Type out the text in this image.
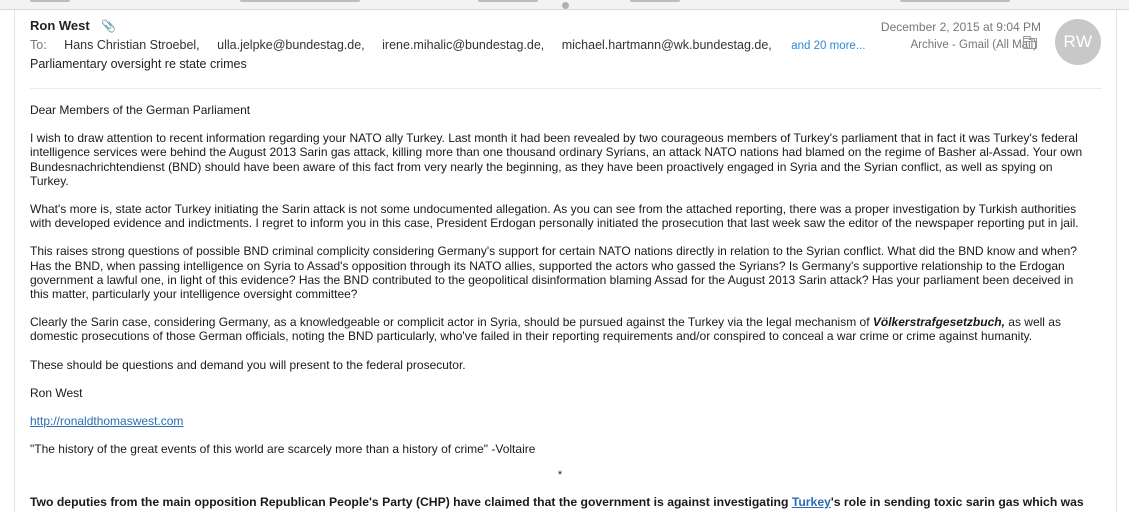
Ron West 📎
To: Hans Christian Stroebel, ulla.jelpke@bundestag.de, irene.mihalic@bundestag.de, michael.hartmann@wk.bundestag.de, and 20 more...
Parliamentary oversight re state crimes
December 2, 2015 at 9:04 PM
Archive - Gmail (All Mail)	RW

Dear Members of the German Parliament

I wish to draw attention to recent information regarding your NATO ally Turkey. Last month it had been revealed by two courageous members of Turkey's parliament that in fact it was Turkey's federal intelligence services were behind the August 2013 Sarin gas attack, killing more than one thousand ordinary Syrians, an attack NATO nations had blamed on the regime of Basher al-Assad. Your own Bundesnachrichtendienst (BND) should have been aware of this fact from very nearly the beginning, as they have been proactively engaged in Syria and the Syrian conflict, as well as spying on Turkey.

What's more is, state actor Turkey initiating the Sarin attack is not some undocumented allegation. As you can see from the attached reporting, there was a proper investigation by Turkish authorities with developed evidence and indictments. I regret to inform you in this case, President Erdogan personally initiated the prosecution that last week saw the editor of the newspaper reporting put in jail.

This raises strong questions of possible BND criminal complicity considering Germany's support for certain NATO nations directly in relation to the Syrian conflict. What did the BND know and when? Has the BND, when passing intelligence on Syria to Assad's opposition through its NATO allies, supported the actors who gassed the Syrians? Is Germany's supportive relationship to the Erdogan government a lawful one, in light of this evidence? Has the BND contributed to the geopolitical disinformation blaming Assad for the August 2013 Sarin attack? Has your parliament been deceived in this matter, particularly your intelligence oversight committee?

Clearly the Sarin case, considering Germany, as a knowledgeable or complicit actor in Syria, should be pursued against the Turkey via the legal mechanism of Völkerstrafgesetzbuch, as well as domestic prosecutions of those German officials, noting the BND particularly, who've failed in their reporting requirements and/or conspired to conceal a war crime or crime against humanity.

These should be questions and demand you will present to the federal prosecutor.

Ron West

http://ronaldthomaswest.com

"The history of the great events of this world are scarcely more than a history of crime" -Voltaire

*

Two deputies from the main opposition Republican People's Party (CHP) have claimed that the government is against investigating Turkey's role in sending toxic sarin gas which was
